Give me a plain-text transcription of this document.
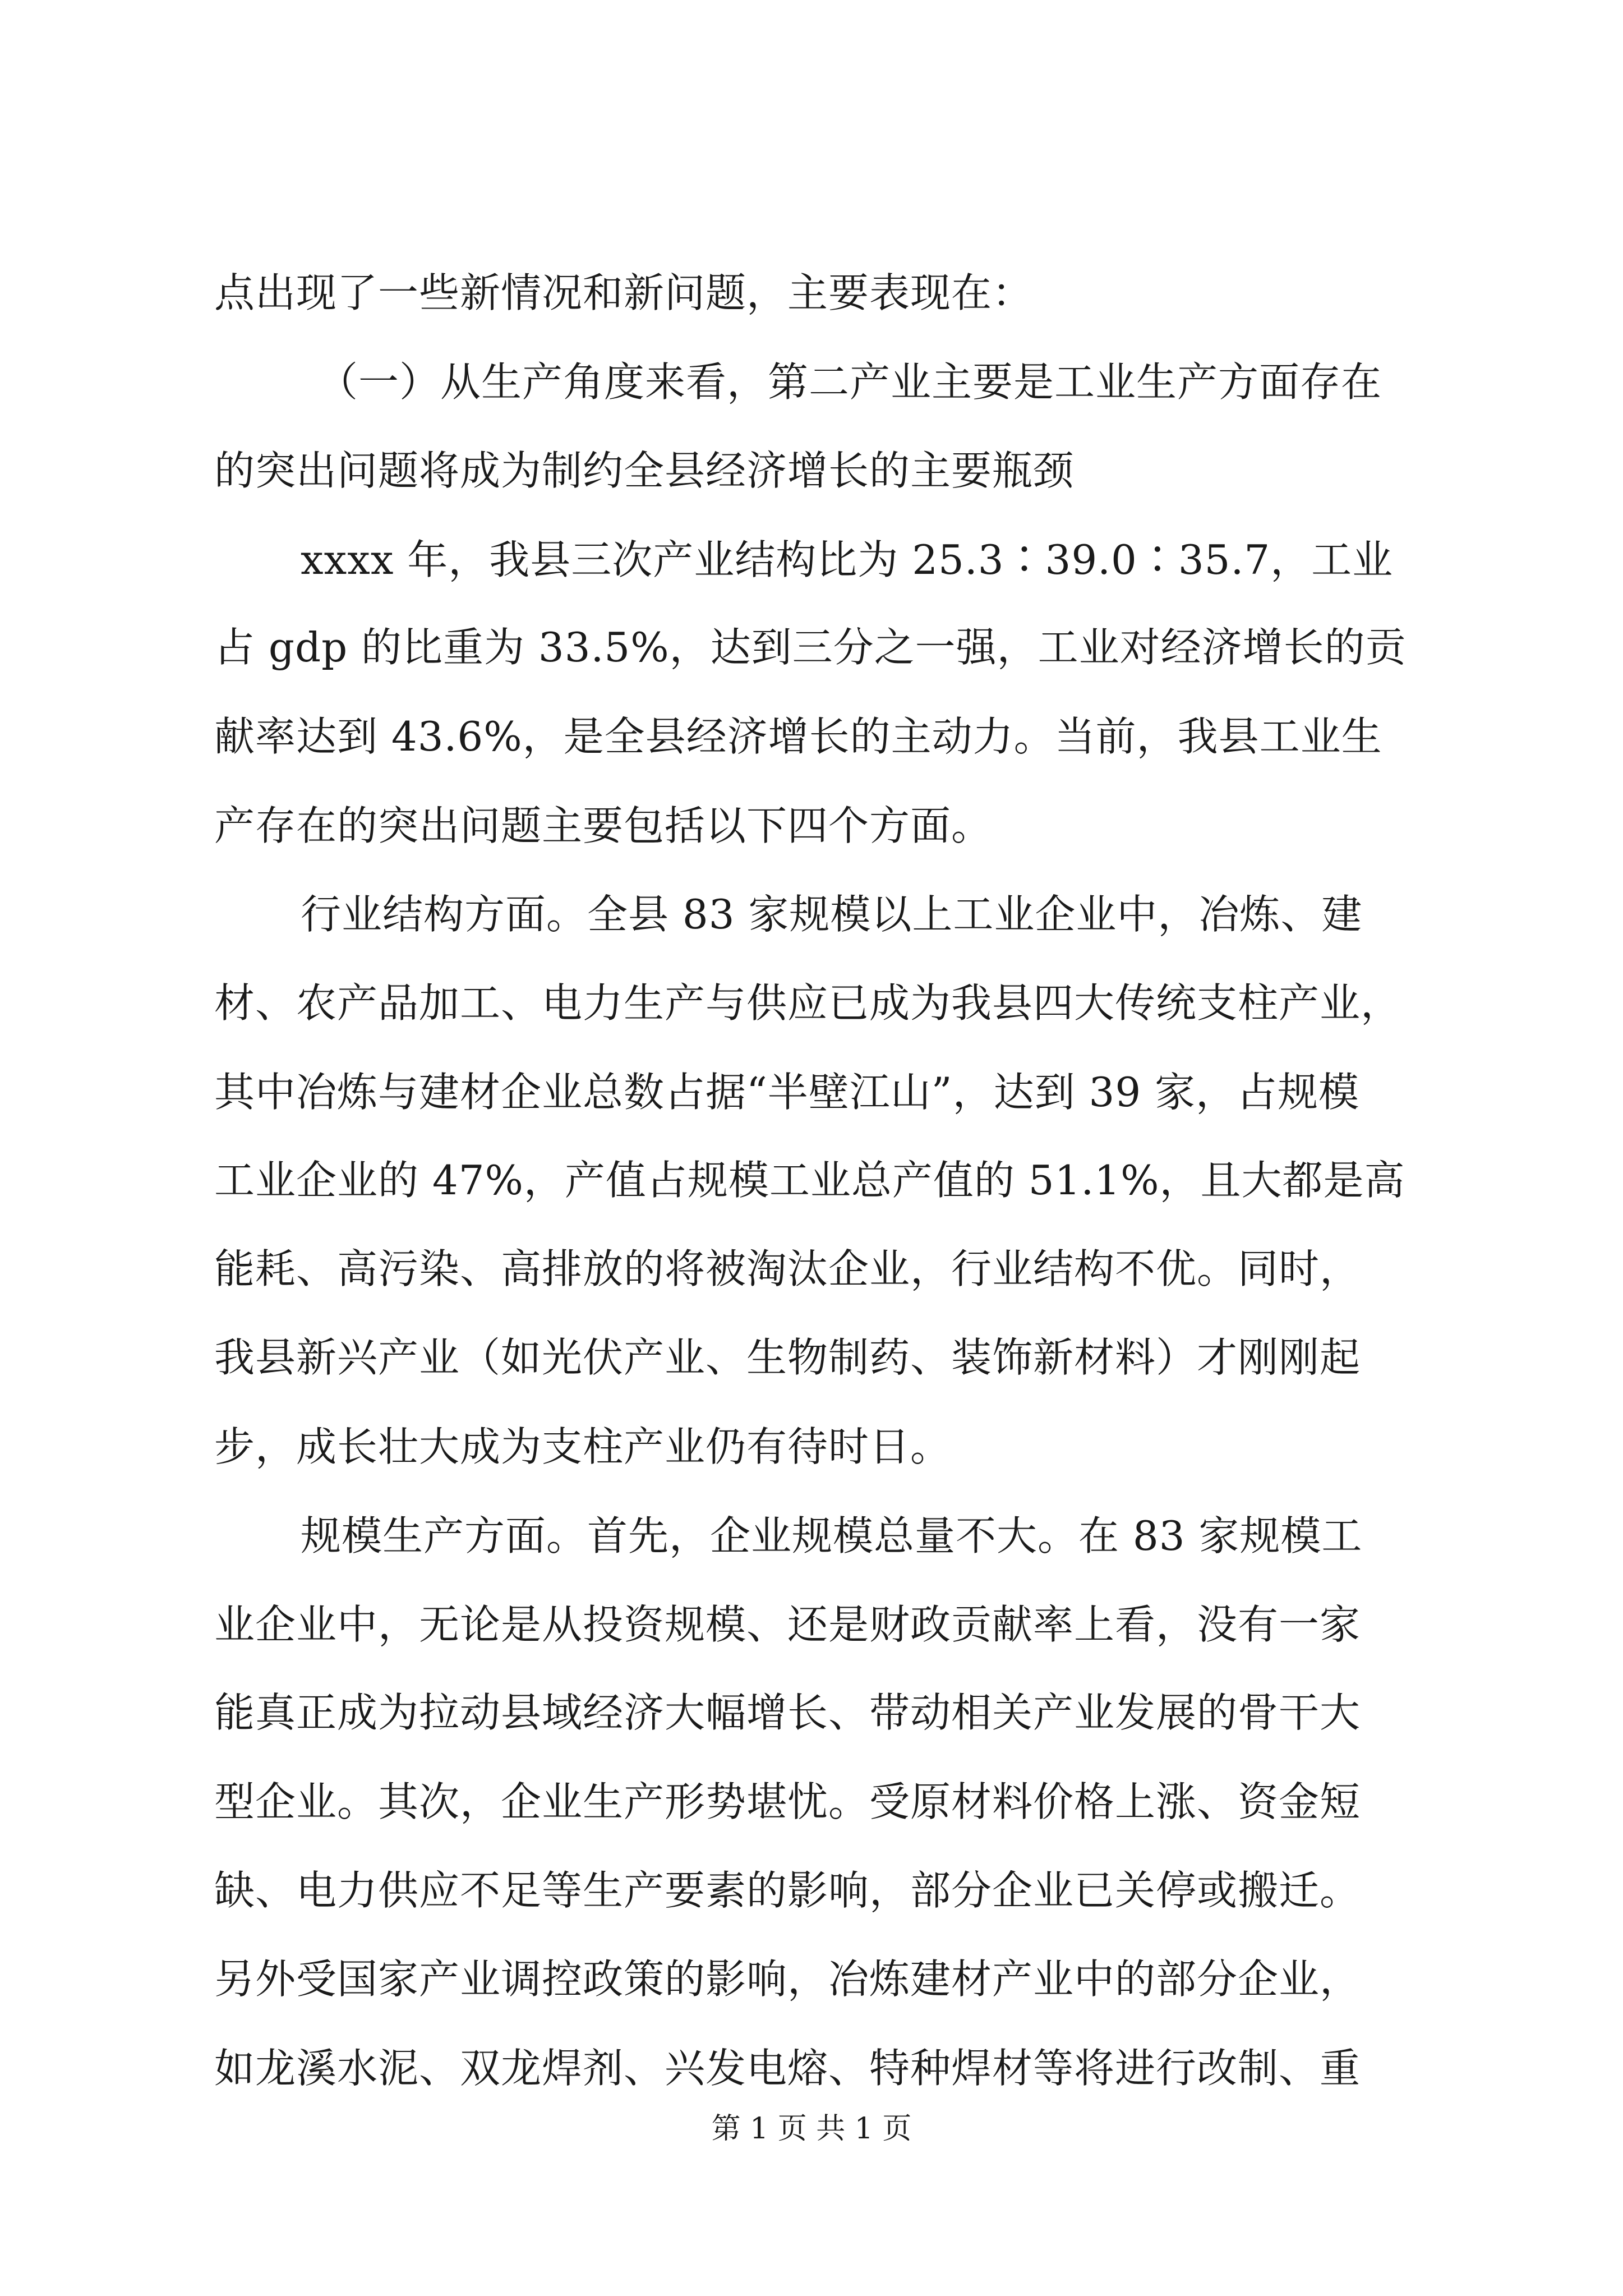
点出现了一些新情况和新问题，主要表现在：
（一）从生产角度来看，第二产业主要是工业生产方面存在
的突出问题将成为制约全县经济增长的主要瓶颈
xxxx 年，我县三次产业结构比为 25.3∶39.0∶35.7，工业
占 gdp 的比重为 33.5%，达到三分之一强，工业对经济增长的贡
献率达到 43.6%，是全县经济增长的主动力。当前，我县工业生
产存在的突出问题主要包括以下四个方面。
行业结构方面。全县 83 家规模以上工业企业中，冶炼、建
材、农产品加工、电力生产与供应已成为我县四大传统支柱产业，
其中冶炼与建材企业总数占据“半壁江山”，达到 39 家，占规模
工业企业的 47%，产值占规模工业总产值的 51.1%，且大都是高
能耗、高污染、高排放的将被淘汰企业，行业结构不优。同时，
我县新兴产业（如光伏产业、生物制药、装饰新材料）才刚刚起
步，成长壮大成为支柱产业仍有待时日。
规模生产方面。首先，企业规模总量不大。在 83 家规模工
业企业中，无论是从投资规模、还是财政贡献率上看，没有一家
能真正成为拉动县域经济大幅增长、带动相关产业发展的骨干大
型企业。其次，企业生产形势堪忧。受原材料价格上涨、资金短
缺、电力供应不足等生产要素的影响，部分企业已关停或搬迁。
另外受国家产业调控政策的影响，冶炼建材产业中的部分企业，
如龙溪水泥、双龙焊剂、兴发电熔、特种焊材等将进行改制、重
第 1 页 共 1 页
